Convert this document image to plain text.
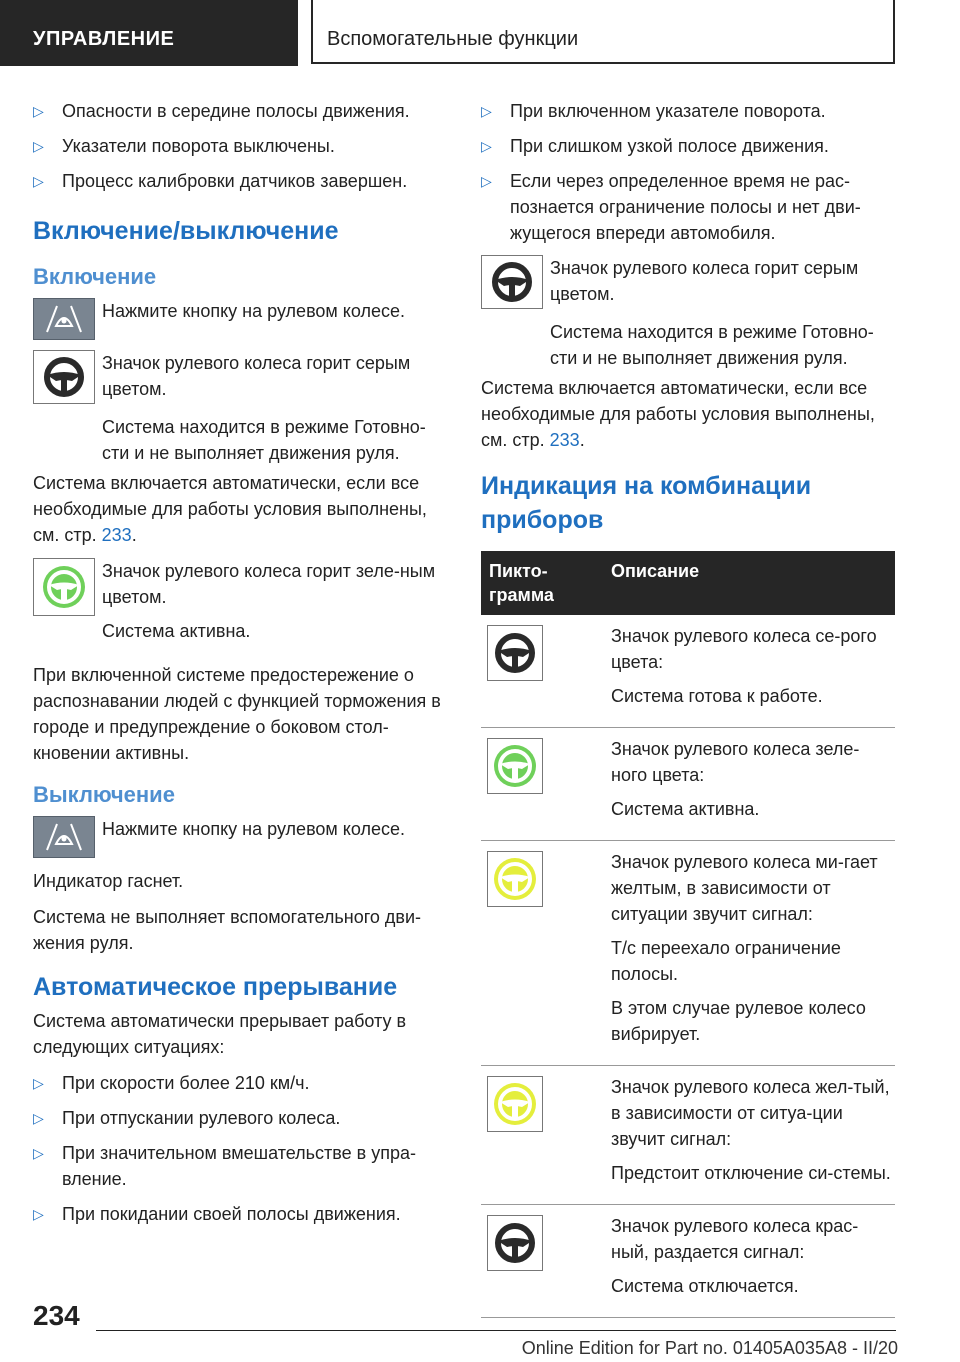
УПРАВЛЕНИЕ	Вспомогательные функции
▷ Опасности в середине полосы движения.
▷ Указатели поворота выключены.
▷ Процесс калибровки датчиков завершен.
Включение/выключение
Включение
Нажмите кнопку на рулевом колесе.

Значок рулевого колеса горит серым цветом.

Система находится в режиме Готовно-сти и не выполняет движения руля.
Система включается автоматически, если все необходимые для работы условия выполнены, см. стр. 233.

Значок рулевого колеса горит зеле-ным цветом.

Система активна.

При включенной системе предостережение о распознавании людей с функцией торможения в городе и предупреждение о боковом стол-кновении активны.
Выключение
Нажмите кнопку на рулевом колесе.
Индикатор гаснет.
Система не выполняет вспомогательного дви-жения руля.
Автоматическое прерывание
Система автоматически прерывает работу в следующих ситуациях:
▷ При скорости более 210 км/ч.
▷ При отпускании рулевого колеса.
▷ При значительном вмешательстве в упра-вление.
▷ При покидании своей полосы движения.
▷ При включенном указателе поворота.
▷ При слишком узкой полосе движения.
▷ Если через определенное время не рас-познается ограничение полосы и нет дви-жущегося впереди автомобиля.

Значок рулевого колеса горит серым цветом.

Система находится в режиме Готовно-сти и не выполняет движения руля.
Система включается автоматически, если все необходимые для работы условия выполнены, см. стр. 233.
Индикация на комбинации приборов
Пикто-грамма
Описание

Значок рулевого колеса се-рого цвета:

Система готова к работе.

Значок рулевого колеса зеле-ного цвета:

Система активна.

Значок рулевого колеса ми-гает желтым, в зависимости от ситуации звучит сигнал:

Т/с переехало ограничение полосы.

В этом случае рулевое колесо вибрирует.

Значок рулевого колеса жел-тый, в зависимости от ситуа-ции звучит сигнал:

Предстоит отключение си-стемы.

Значок рулевого колеса крас-ный, раздается сигнал:

Система отключается.

234
Online Edition for Part no. 01405A035A8 - II/20
